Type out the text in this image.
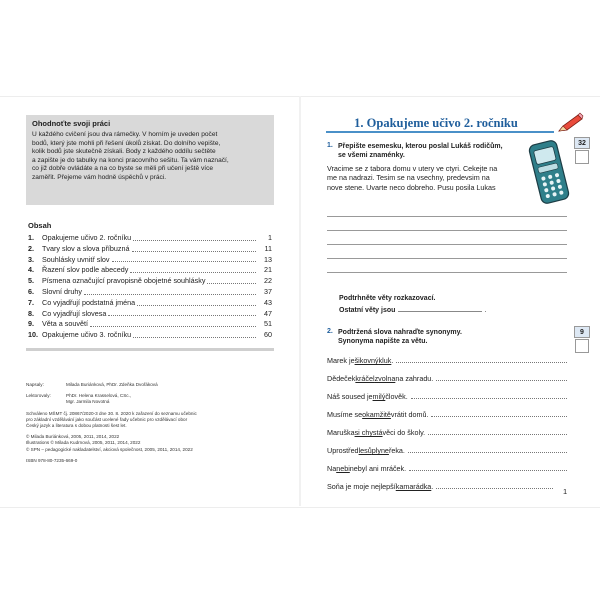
Ohodnoťte svoji práci
U každého cvičení jsou dva rámečky. V horním je uveden počet
bodů, který jste mohli při řešení úkolů získat. Do dolního vepište,
kolik bodů jste skutečně získali. Body z každého oddílu sečtěte
a zapište je do tabulky na konci pracovního sešitu. Ta vám naznačí,
co již dobře ovládáte a na co byste se měli při učení ještě více
zaměřit. Přejeme vám hodně úspěchů v práci.
Obsah
1.	Opakujeme učivo 2. ročníku	1
2.	Tvary slov a slova příbuzná	11
3.	Souhlásky uvnitř slov	13
4.	Řazení slov podle abecedy	21
5.	Písmena označující pravopisně obojetné souhlásky	22
6.	Slovní druhy	37
7.	Co vyjadřují podstatná jména	43
8.	Co vyjadřují slovesa	47
9.	Věta a souvětí	51
10. Opakujeme učivo 3. ročníku	60
Napsaly:	Milada Buriánková, PhDr. Zdeňka Dvořáková
Lektorovaly:	PhDr. Helena Krasselová, CSc.,
Mgr. Jarmila Novotná
Schváleno MŠMT čj. 20867/2020-3 dne 30. 8. 2020 k zařazení do seznamu učebnic
pro základní vzdělávání jako součást ucelené řady učebnic pro vzdělávací obor
Český jazyk a literatura s dobou platnosti šest let.
© Milada Buriánková, 2005, 2011, 2014, 2022
Illustrations © Milada Kudrnová, 2005, 2011, 2014, 2022
© SPN – pedagogické nakladatelství, akciová společnost, 2005, 2011, 2014, 2022
ISBN 978-80-7235-669-0
1. Opakujeme učivo 2. ročníku
1. Přepište esemesku, kterou poslal Lukáš rodičům,
se všemi znaménky.
32
Vracime se z tabora domu v utery ve ctyri. Cekejte na me na nadrazi. Tesim se na vsechny, predevsim na nove stene. Uvarte neco dobreho. Pusu posila Lukas
Podtrhněte věty rozkazovací.
Ostatní věty jsou	.
2. Podtržená slova nahraďte synonymy.
Synonyma napište za větu.
9
Marek je šikovný kluk .
Dědeček kráčel zvolna na zahradu.
Náš soused je milý člověk.
Musíme se okamžitě vrátit domů.
Maruška si chystá věci do školy.
Uprostřed lesů plyne řeka.
Na nebi nebyl ani mráček.
Soňa je moje nejlepší kamarádka .
1
